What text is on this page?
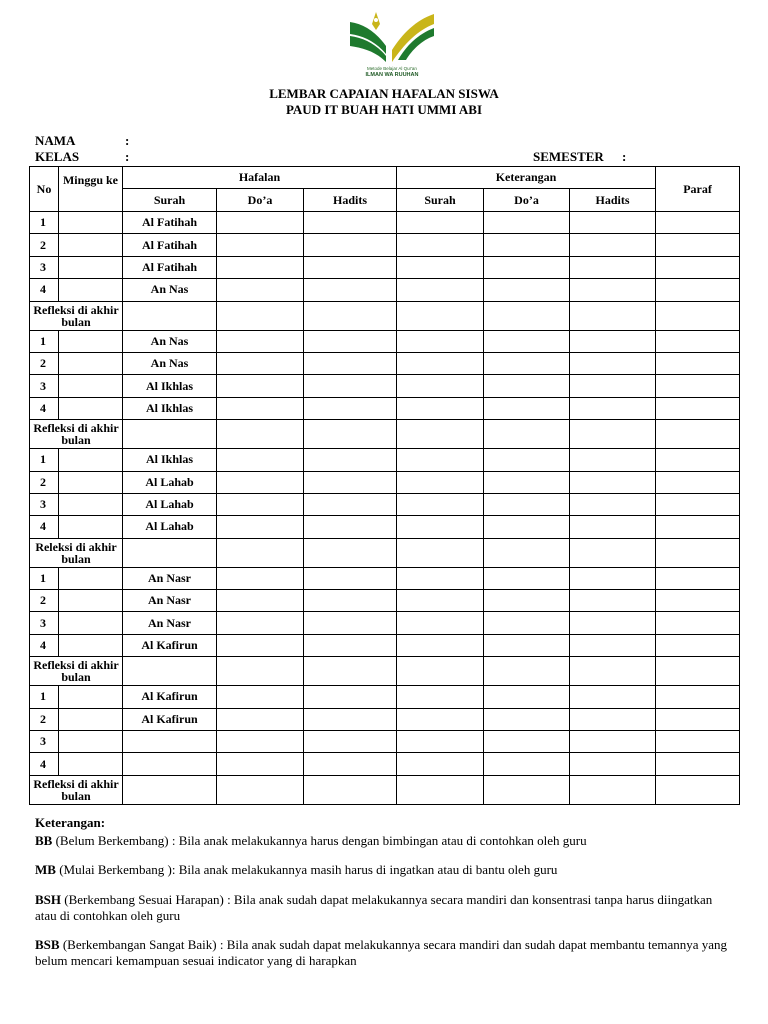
Metode Belajar Al Qur'an
ILMAN WA RUUHAN
LEMBAR CAPAIAN HAFALAN SISWA
PAUD IT BUAH HATI UMMI ABI
NAMA	:
KELAS	:	SEMESTER :
No	Minggu ke	Hafalan			Keterangan			Paraf
		Surah	Do’a	Hadits	Surah	Do’a	Hadits	
1		Al Fatihah						
2		Al Fatihah						
3		Al Fatihah						
4		An Nas						
Refleksi di akhir bulan								
1		An Nas						
2		An Nas						
3		Al Ikhlas						
4		Al Ikhlas						
Refleksi di akhir bulan								
1		Al Ikhlas						
2		Al Lahab						
3		Al Lahab						
4		Al Lahab						
Releksi di akhir bulan								
1		An Nasr						
2		An Nasr						
3		An Nasr						
4		Al Kafirun						
Refleksi di akhir bulan								
1		Al Kafirun						
2		Al Kafirun						
3								
4								
Refleksi di akhir bulan								
Keterangan:
BB (Belum Berkembang) : Bila anak melakukannya harus dengan bimbingan atau di contohkan oleh guru
MB (Mulai Berkembang ): Bila anak melakukannya masih harus di ingatkan atau di bantu oleh guru
BSH (Berkembang Sesuai Harapan) : Bila anak sudah dapat melakukannya secara mandiri dan konsentrasi tanpa harus diingatkan atau di contohkan oleh guru
BSB (Berkembangan Sangat Baik) : Bila anak sudah dapat melakukannya secara mandiri dan sudah dapat membantu temannya yang belum mencari kemampuan sesuai indicator yang di harapkan
